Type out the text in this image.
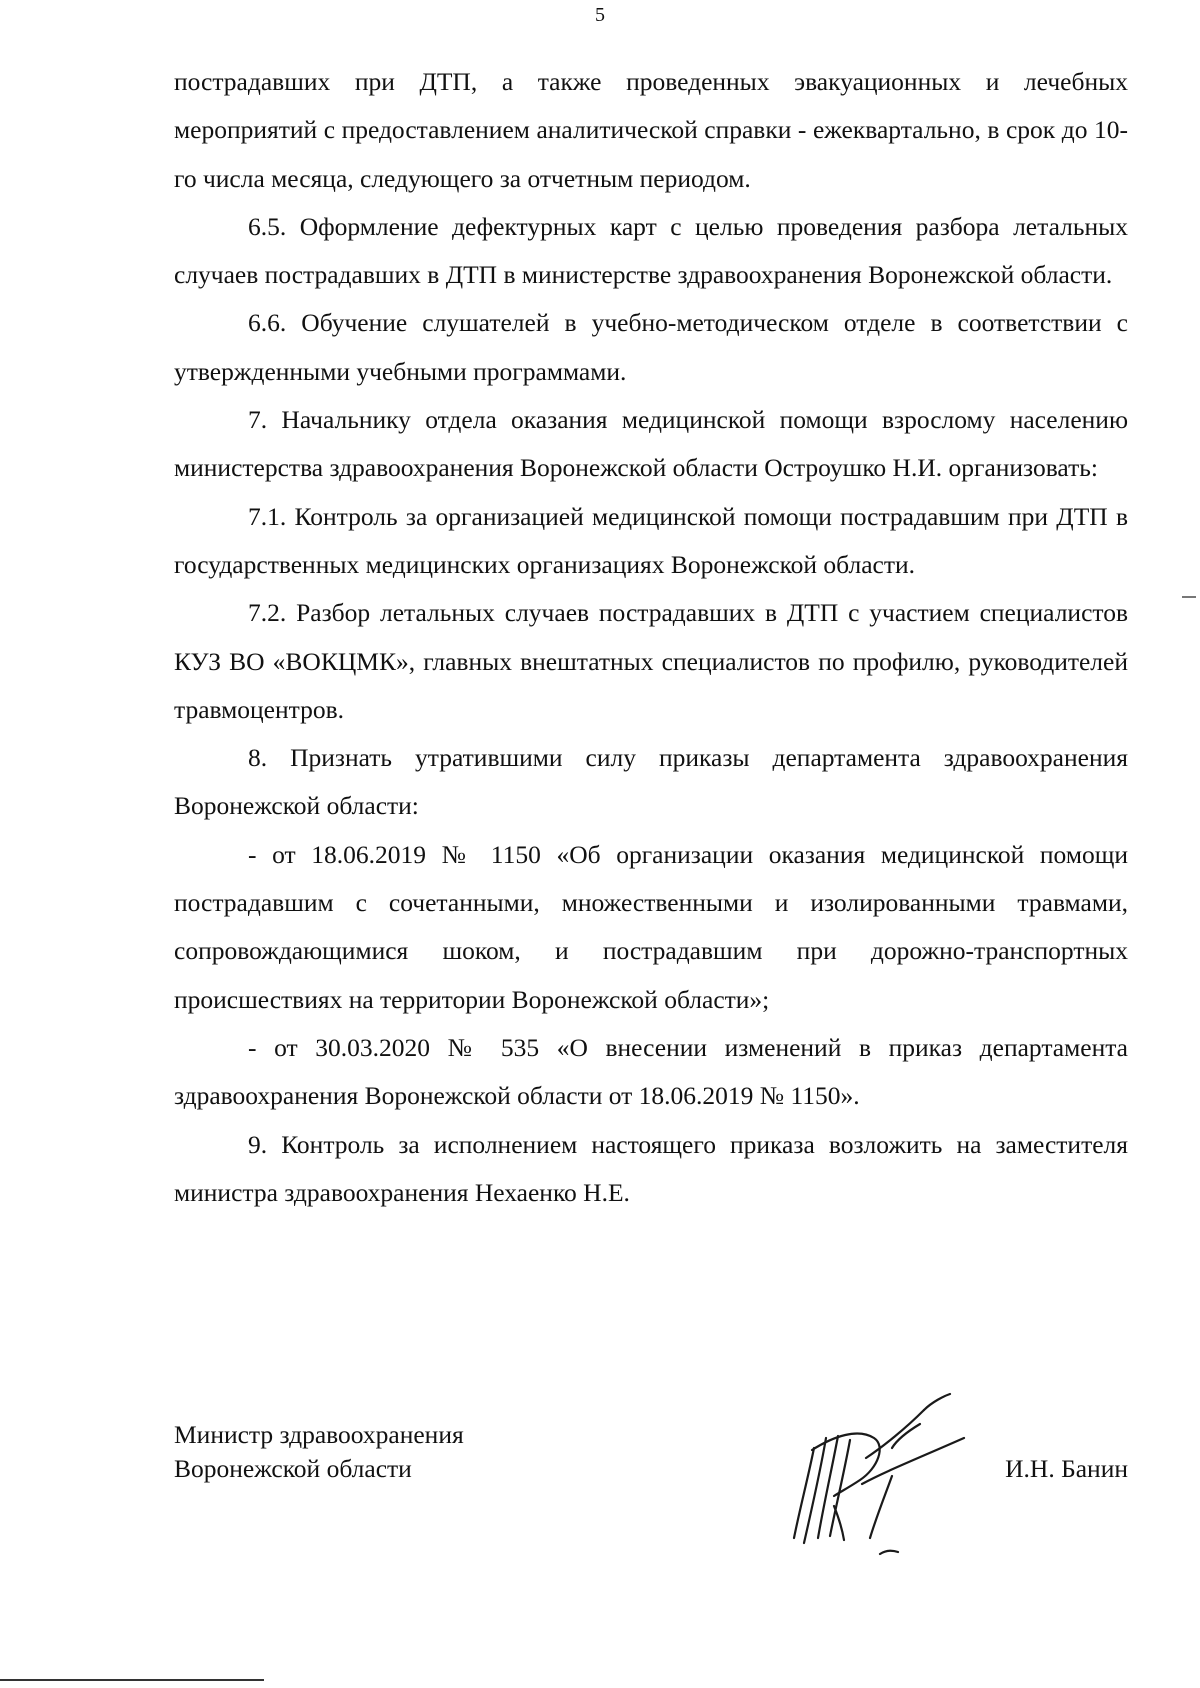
5

пострадавших при ДТП, а также проведенных эвакуационных и лечебных мероприятий с предоставлением аналитической справки - ежеквартально, в срок до 10-го числа месяца, следующего за отчетным периодом.

6.5. Оформление дефектурных карт с целью проведения разбора летальных случаев пострадавших в ДТП в министерстве здравоохранения Воронежской области.

6.6. Обучение слушателей в учебно-методическом отделе в соответствии с утвержденными учебными программами.

7. Начальнику отдела оказания медицинской помощи взрослому населению министерства здравоохранения Воронежской области Остроушко Н.И. организовать:

7.1. Контроль за организацией медицинской помощи пострадавшим при ДТП в государственных медицинских организациях Воронежской области.

7.2. Разбор летальных случаев пострадавших в ДТП с участием специалистов КУЗ ВО «ВОКЦМК», главных внештатных специалистов по профилю, руководителей травмоцентров.

8. Признать утратившими силу приказы департамента здравоохранения Воронежской области:

- от 18.06.2019 № 1150 «Об организации оказания медицинской помощи пострадавшим с сочетанными, множественными и изолированными травмами, сопровождающимися шоком, и пострадавшим при дорожно-транспортных происшествиях на территории Воронежской области»;

- от 30.03.2020 № 535 «О внесении изменений в приказ департамента здравоохранения Воронежской области от 18.06.2019 № 1150».

9. Контроль за исполнением настоящего приказа возложить на заместителя министра здравоохранения Нехаенко Н.Е.

Министр здравоохранения
Воронежской области	И.Н. Банин
